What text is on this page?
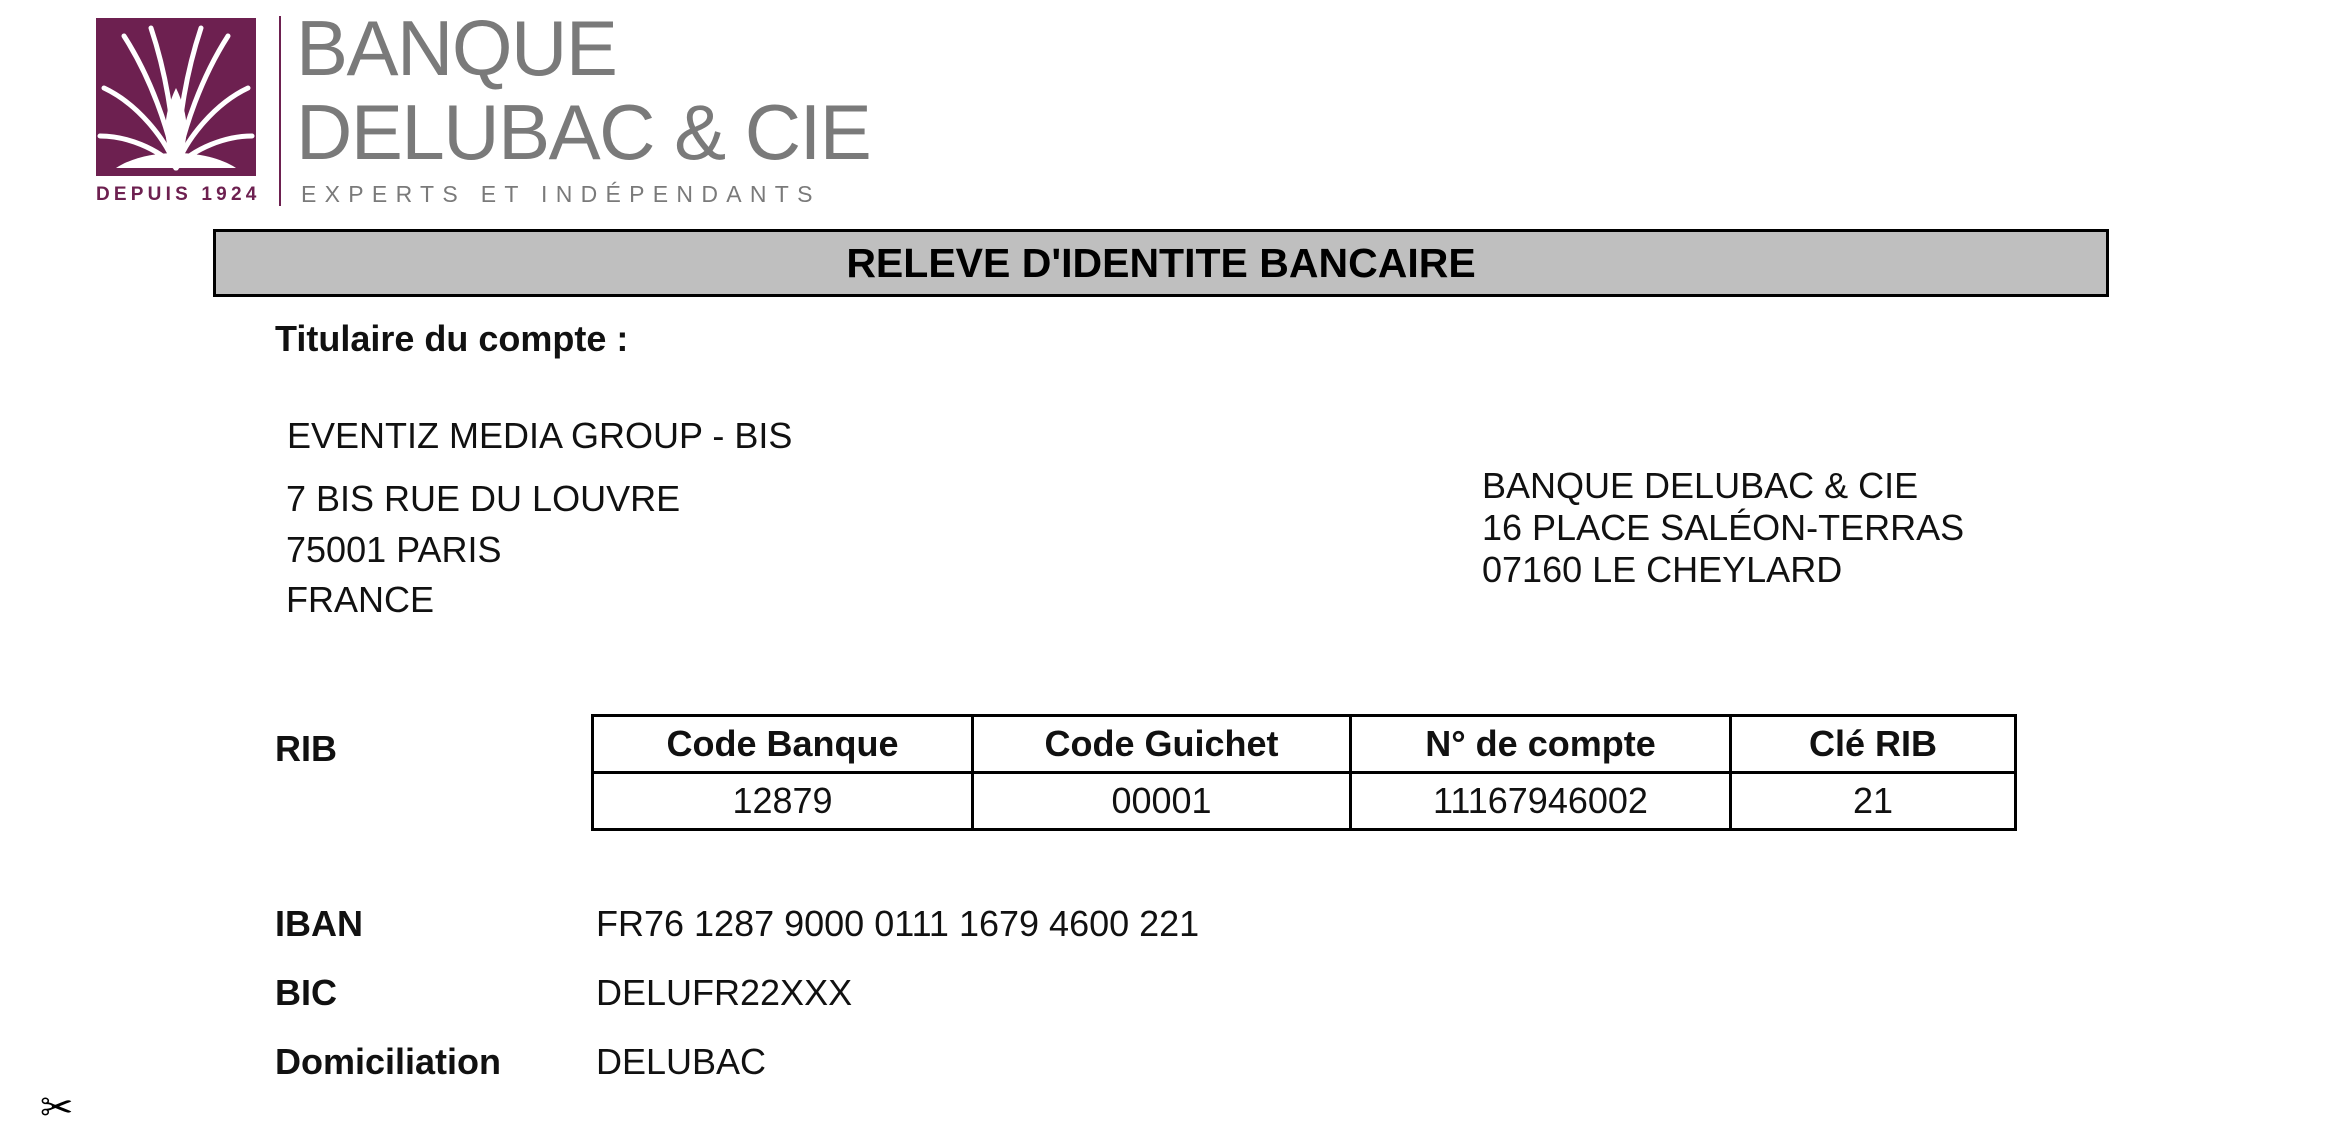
DEPUIS 1924
BANQUE
DELUBAC & CIE
EXPERTS ET INDÉPENDANTS
RELEVE D'IDENTITE BANCAIRE
Titulaire du compte :
EVENTIZ MEDIA GROUP - BIS
7 BIS RUE DU LOUVRE
75001 PARIS
FRANCE
BANQUE DELUBAC & CIE
16 PLACE SALÉON-TERRAS
07160 LE CHEYLARD
RIB	Code Banque	Code Guichet	N° de compte	Clé RIB
12879	00001	11167946002	21
IBAN	FR76 1287 9000 0111 1679 4600 221
BIC	DELUFR22XXX
Domiciliation	DELUBAC
✂
